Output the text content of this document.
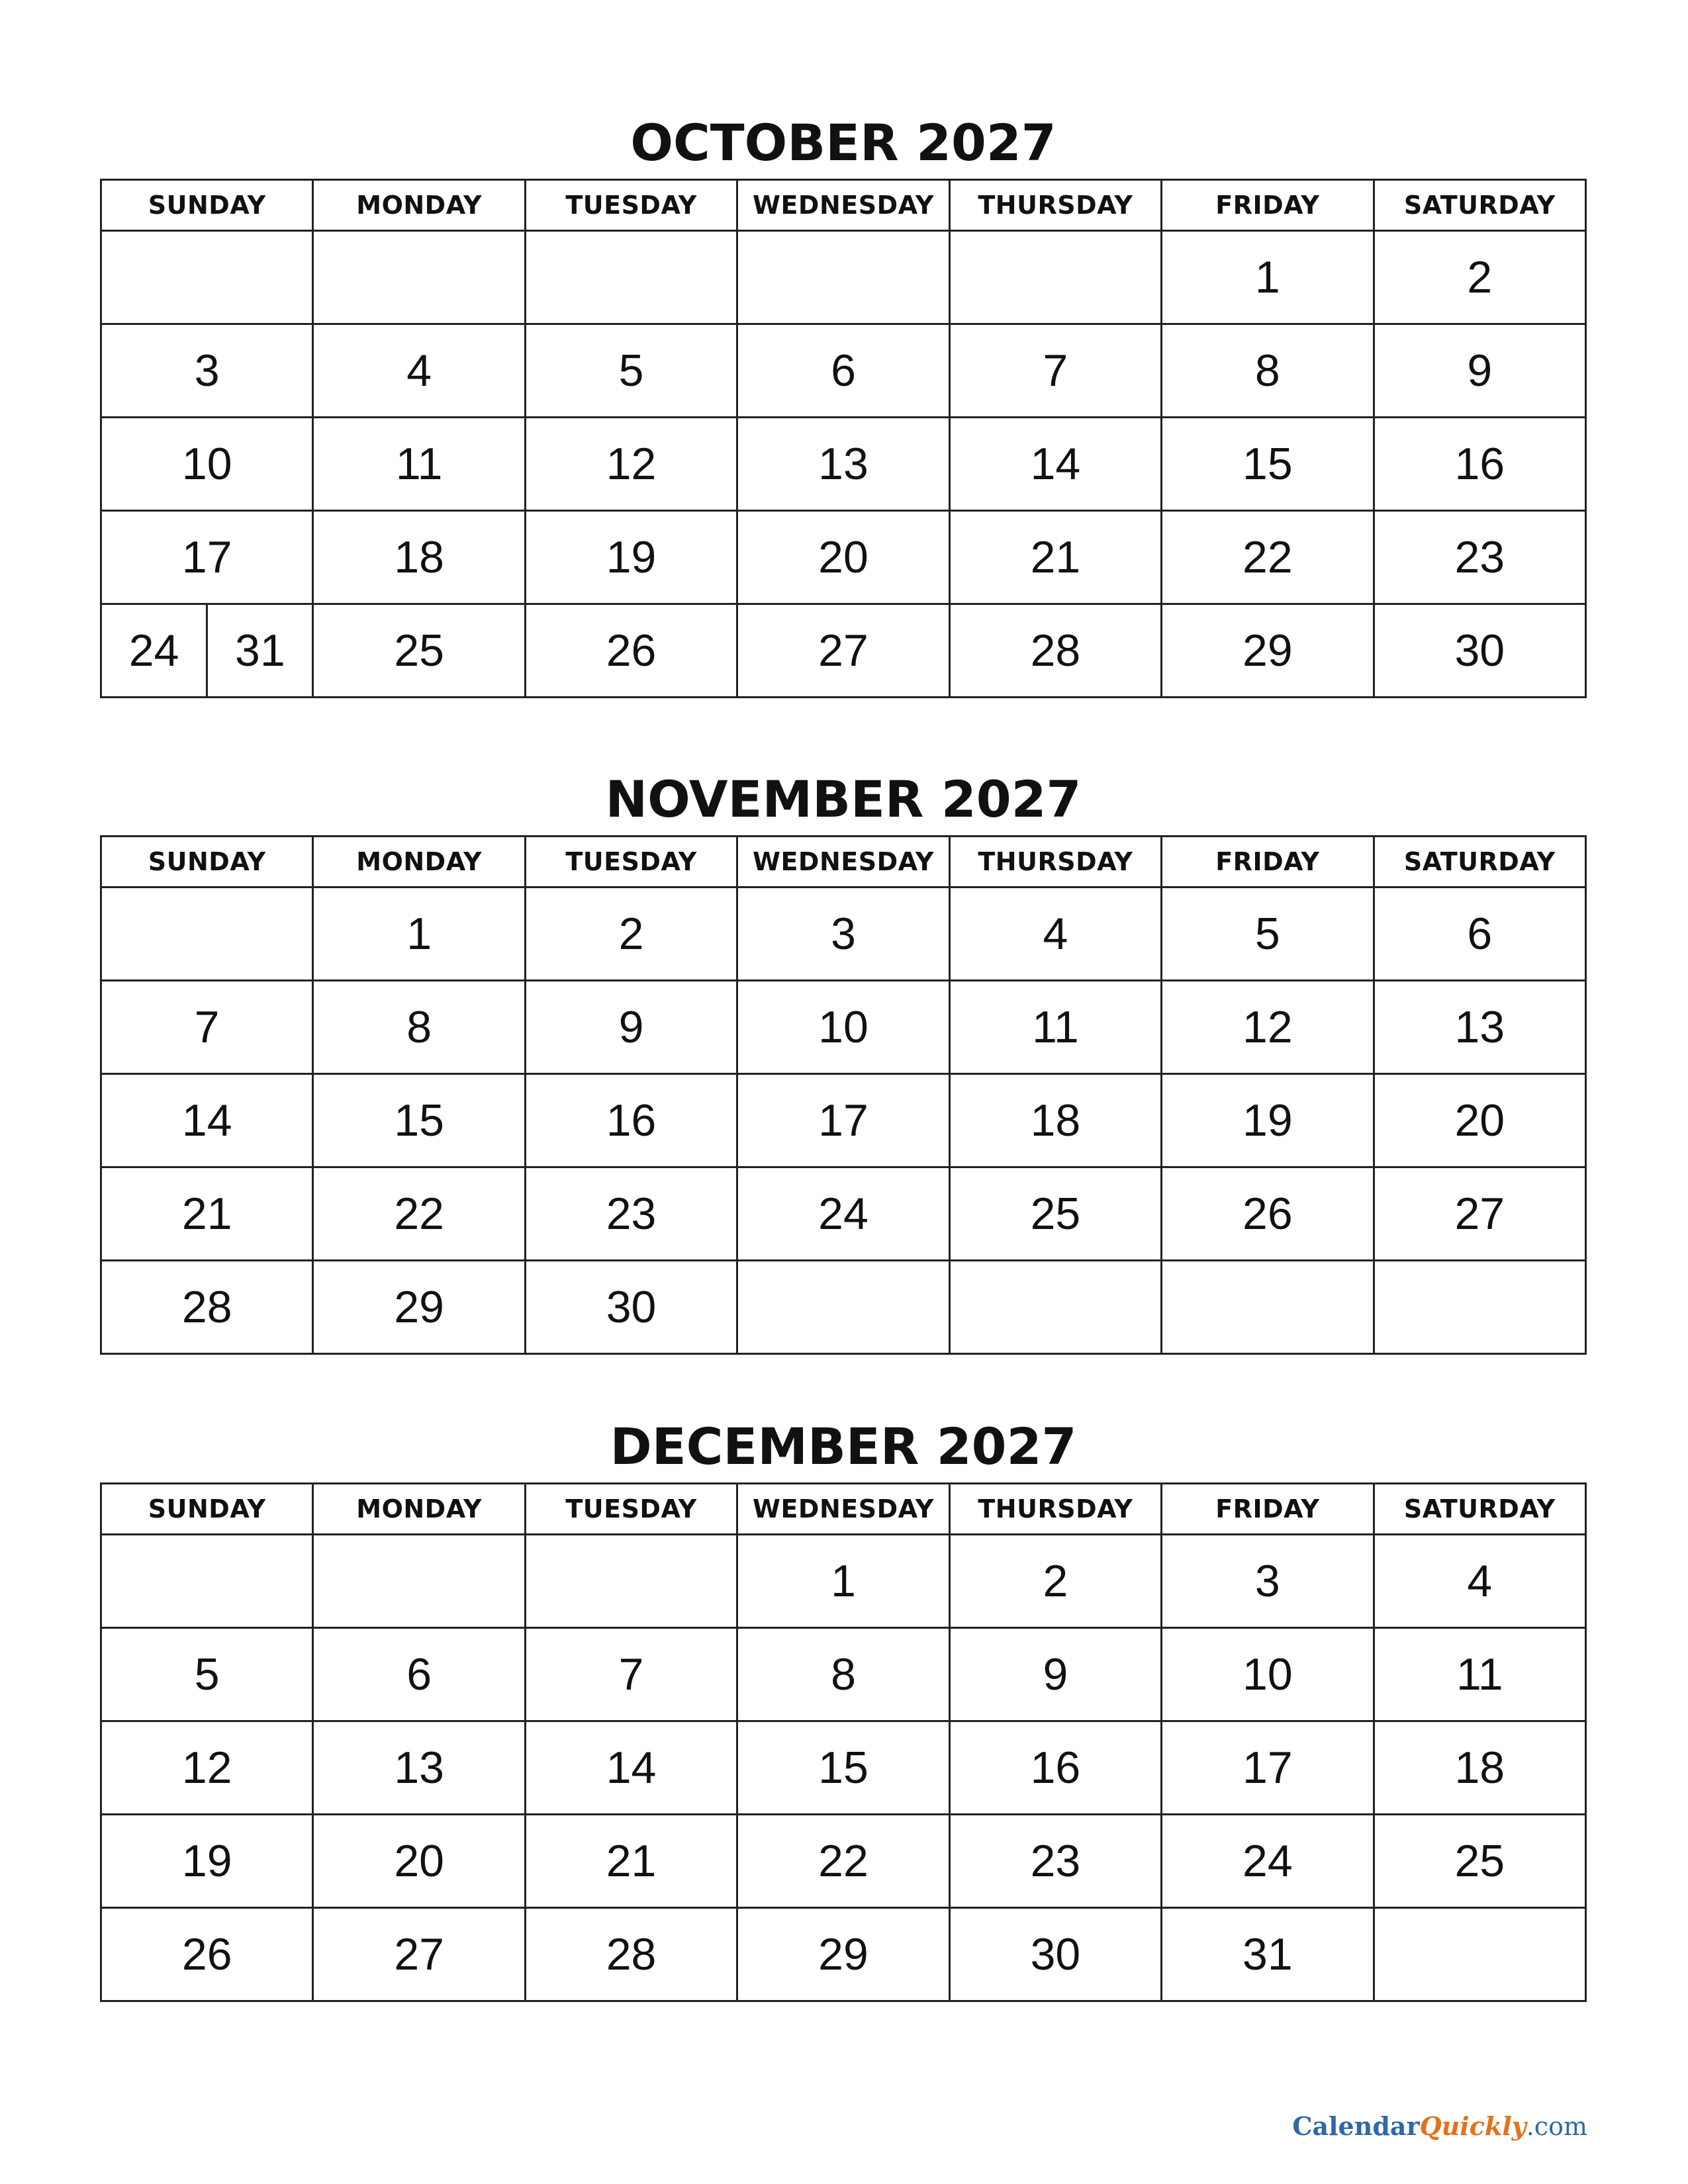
OCTOBER 2027
SUNDAY	MONDAY	TUESDAY	WEDNESDAY	THURSDAY	FRIDAY	SATURDAY
					1	2
3	4	5	6	7	8	9
10	11	12	13	14	15	16
17	18	19	20	21	22	23

24 31	25	26	27	28	29	30
NOVEMBER 2027
SUNDAY	MONDAY	TUESDAY	WEDNESDAY	THURSDAY	FRIDAY	SATURDAY
	1	2	3	4	5	6
7	8	9	10	11	12	13
14	15	16	17	18	19	20
21	22	23	24	25	26	27
28	29	30				
DECEMBER 2027
SUNDAY	MONDAY	TUESDAY	WEDNESDAY	THURSDAY	FRIDAY	SATURDAY
			1	2	3	4
5	6	7	8	9	10	11
12	13	14	15	16	17	18
19	20	21	22	23	24	25
26	27	28	29	30	31	
CalendarQuickly.com
